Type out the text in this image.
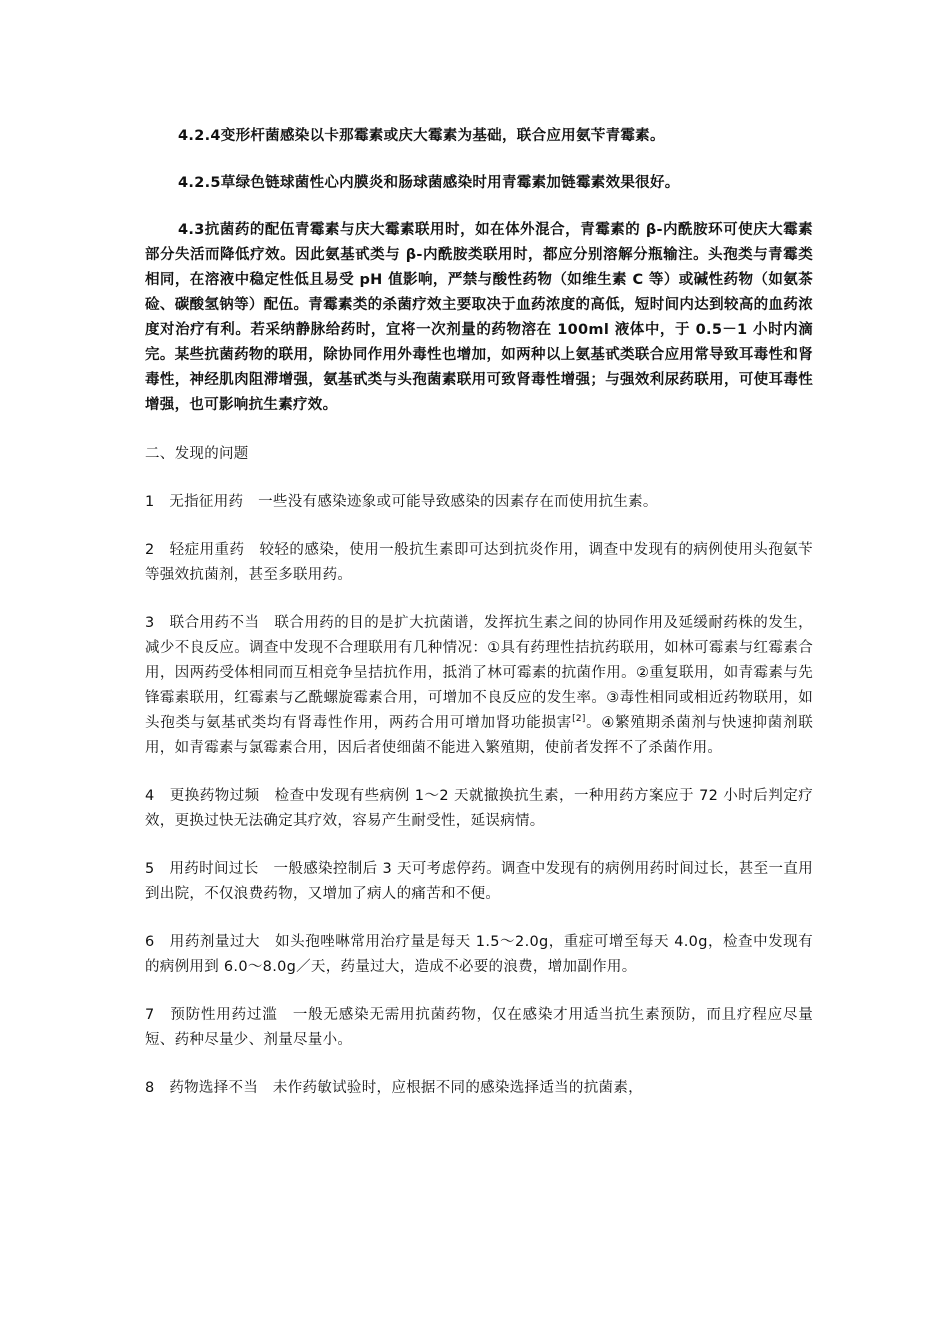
4.2.4变形杆菌感染以卡那霉素或庆大霉素为基础，联合应用氨苄青霉素。

4.2.5草绿色链球菌性心内膜炎和肠球菌感染时用青霉素加链霉素效果很好。

4.3抗菌药的配伍青霉素与庆大霉素联用时，如在体外混合，青霉素的 β-内酰胺环可使庆大霉素部分失活而降低疗效。因此氨基甙类与 β-内酰胺类联用时，都应分别溶解分瓶输注。头孢类与青霉类相同，在溶液中稳定性低且易受 pH 值影响，严禁与酸性药物（如维生素 C 等）或碱性药物（如氨茶硷、碳酸氢钠等）配伍。青霉素类的杀菌疗效主要取决于血药浓度的高低，短时间内达到较高的血药浓度对治疗有利。若采纳静脉给药时，宜将一次剂量的药物溶在 100ml 液体中，于 0.5－1 小时内滴完。某些抗菌药物的联用，除协同作用外毒性也增加，如两种以上氨基甙类联合应用常导致耳毒性和肾毒性，神经肌肉阻滞增强，氨基甙类与头孢菌素联用可致肾毒性增强；与强效利尿药联用，可使耳毒性增强，也可影响抗生素疗效。

二、发现的问题

1　无指征用药　一些没有感染迹象或可能导致感染的因素存在而使用抗生素。

2　轻症用重药　较轻的感染，使用一般抗生素即可达到抗炎作用，调查中发现有的病例使用头孢氨苄等强效抗菌剂，甚至多联用药。

3　联合用药不当　联合用药的目的是扩大抗菌谱，发挥抗生素之间的协同作用及延缓耐药株的发生，减少不良反应。调查中发现不合理联用有几种情况：①具有药理性拮抗药联用，如林可霉素与红霉素合用，因两药受体相同而互相竞争呈拮抗作用，抵消了林可霉素的抗菌作用。②重复联用，如青霉素与先锋霉素联用，红霉素与乙酰螺旋霉素合用，可增加不良反应的发生率。③毒性相同或相近药物联用，如头孢类与氨基甙类均有肾毒性作用，两药合用可增加肾功能损害[2]。④繁殖期杀菌剂与快速抑菌剂联用，如青霉素与氯霉素合用，因后者使细菌不能进入繁殖期，使前者发挥不了杀菌作用。

4　更换药物过频　检查中发现有些病例 1～2 天就撤换抗生素，一种用药方案应于 72 小时后判定疗效，更换过快无法确定其疗效，容易产生耐受性，延误病情。

5　用药时间过长　一般感染控制后 3 天可考虑停药。调查中发现有的病例用药时间过长，甚至一直用到出院，不仅浪费药物，又增加了病人的痛苦和不便。

6　用药剂量过大　如头孢唑啉常用治疗量是每天 1.5～2.0g，重症可增至每天 4.0g，检查中发现有的病例用到 6.0～8.0g／天，药量过大，造成不必要的浪费，增加副作用。

7　预防性用药过滥　一般无感染无需用抗菌药物，仅在感染才用适当抗生素预防，而且疗程应尽量短、药种尽量少、剂量尽量小。

8　药物选择不当　未作药敏试验时，应根据不同的感染选择适当的抗菌素，
